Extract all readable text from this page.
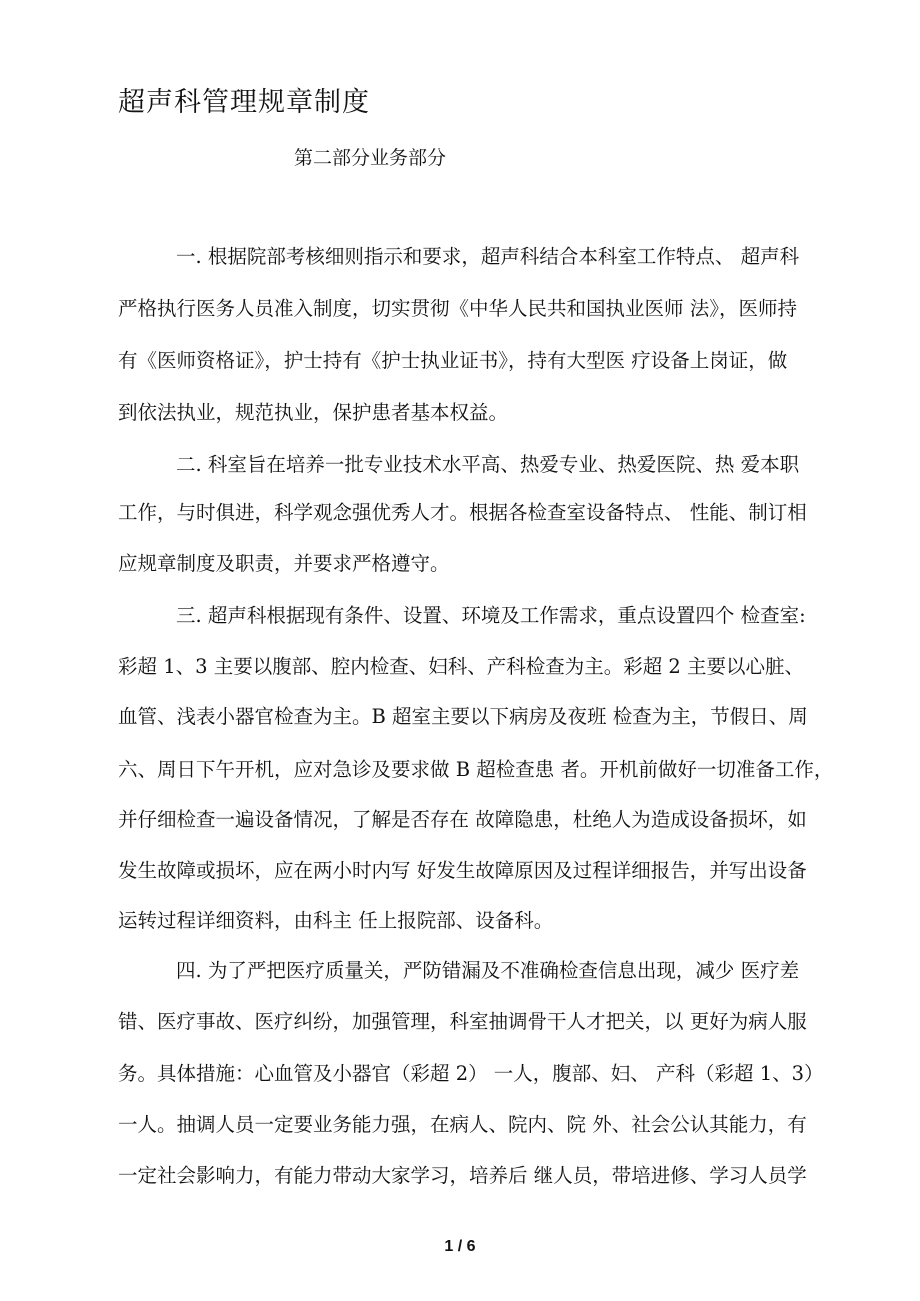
超声科管理规章制度
第二部分业务部分
一. 根据院部考核细则指示和要求，超声科结合本科室工作特点、 超声科
严格执行医务人员准入制度，切实贯彻《中华人民共和国执业医师 法》，医师持
有《医师资格证》，护士持有《护士执业证书》，持有大型医 疗设备上岗证，做
到依法执业，规范执业，保护患者基本权益。
二. 科室旨在培养一批专业技术水平高、热爱专业、热爱医院、热 爱本职
工作，与时俱进，科学观念强优秀人才。根据各检查室设备特点、 性能、制订相
应规章制度及职责，并要求严格遵守。
三. 超声科根据现有条件、设置、环境及工作需求，重点设置四个 检查室:
彩超 1、3 主要以腹部、腔内检查、妇科、产科检查为主。彩超 2 主要以心脏、
血管、浅表小器官检查为主。B 超室主要以下病房及夜班 检查为主，节假日、周
六、周日下午开机，应对急诊及要求做 B 超检查患 者。开机前做好一切准备工作，
并仔细检查一遍设备情况，了解是否存在 故障隐患，杜绝人为造成设备损坏，如
发生故障或损坏，应在两小时内写 好发生故障原因及过程详细报告，并写出设备
运转过程详细资料，由科主 任上报院部、设备科。
四. 为了严把医疗质量关，严防错漏及不准确检查信息出现，减少 医疗差
错、医疗事故、医疗纠纷，加强管理，科室抽调骨干人才把关，以 更好为病人服
务。具体措施：心血管及小器官（彩超 2） 一人，腹部、妇、 产科（彩超 1、3）
一人。抽调人员一定要业务能力强，在病人、院内、院 外、社会公认其能力，有
一定社会影响力，有能力带动大家学习，培养后 继人员，带培进修、学习人员学
1 / 6
